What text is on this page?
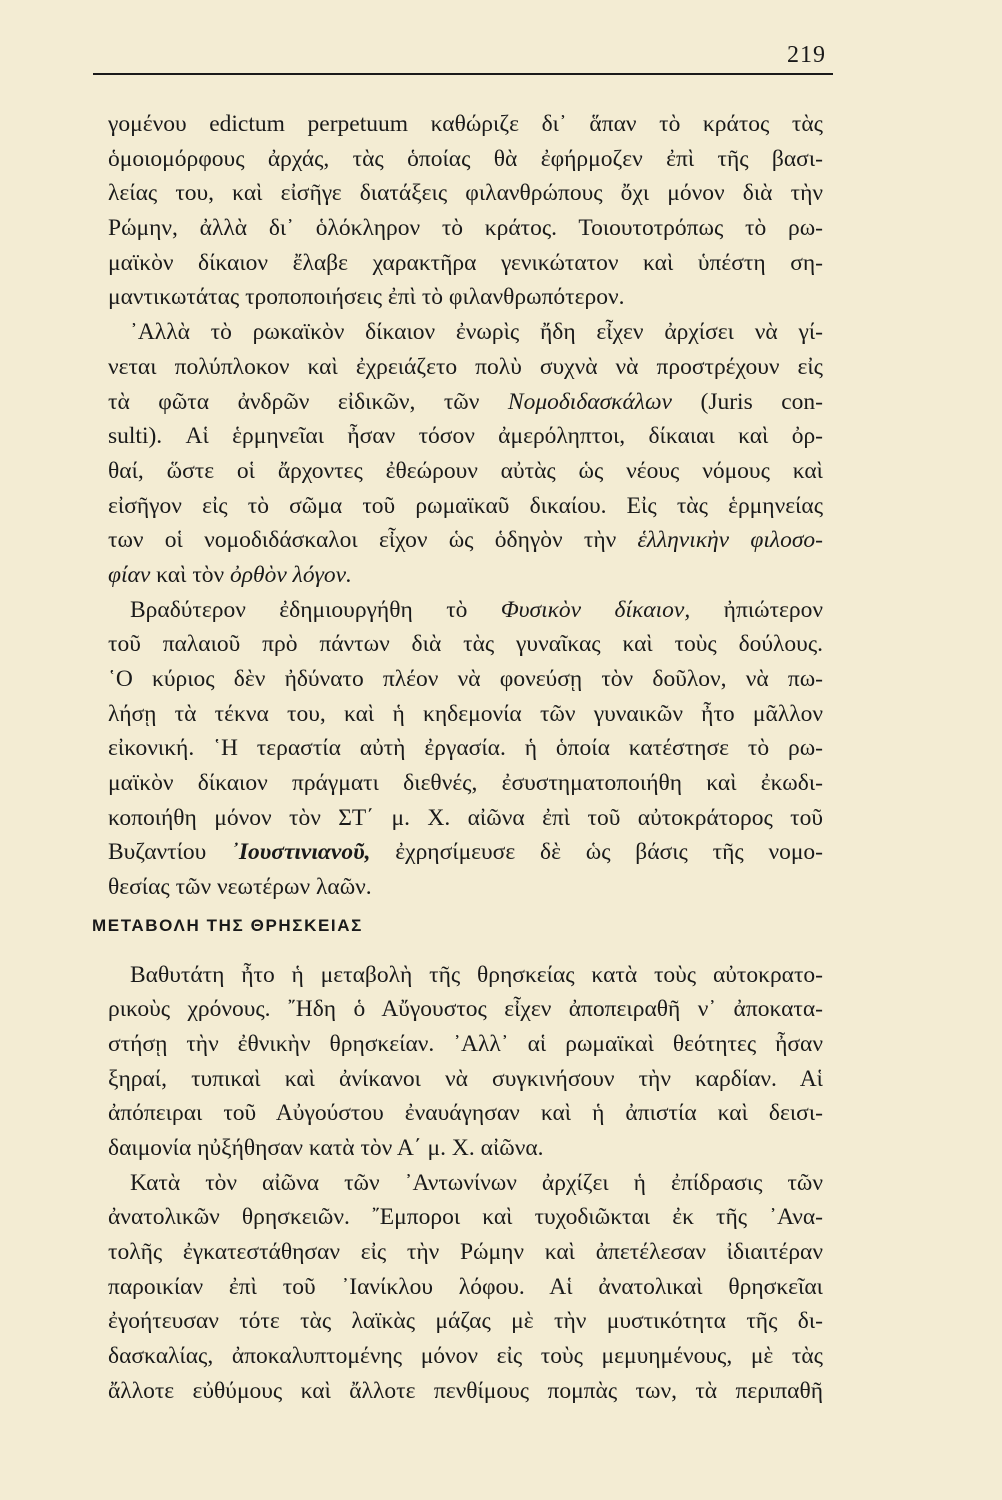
219
γομένου edictum perpetuum καθώριζε δι᾿ ἅπαν τὸ κράτος τὰς
ὁμοιομόρφους ἀρχάς, τὰς ὁποίας θὰ ἐφήρμοζεν ἐπὶ τῆς βασι-
λείας του, καὶ εἰσῆγε διατάξεις φιλανθρώπους ὄχι μόνον διὰ τὴν
Ρώμην, ἀλλὰ δι᾿ ὁλόκληρον τὸ κράτος. Τοιουτοτρόπως τὸ ρω-
μαϊκὸν δίκαιον ἔλαβε χαρακτῆρα γενικώτατον καὶ ὑπέστη ση-
μαντικωτάτας τροποποιήσεις ἐπὶ τὸ φιλανθρωπότερον.
᾿Αλλὰ τὸ ρωκαϊκὸν δίκαιον ἐνωρὶς ἤδη εἶχεν ἀρχίσει νὰ γί-
νεται πολύπλοκον καὶ ἐχρειάζετο πολὺ συχνὰ νὰ προστρέχουν εἰς
τὰ φῶτα ἀνδρῶν εἰδικῶν, τῶν Νομοδιδασκάλων (Juris con-
sulti). Αἱ ἑρμηνεῖαι ἦσαν τόσον ἀμερόληπτοι, δίκαιαι καὶ ὀρ-
θαί, ὥστε οἱ ἄρχοντες ἐθεώρουν αὐτὰς ὡς νέους νόμους καὶ
εἰσῆγον εἰς τὸ σῶμα τοῦ ρωμαϊκαῦ δικαίου. Εἰς τὰς ἑρμηνείας
των οἱ νομοδιδάσκαλοι εἶχον ὡς ὁδηγὸν τὴν ἑλληνικὴν φιλοσο-
φίαν καὶ τὸν ὀρθὸν λόγον.
Βραδύτερον ἐδημιουργήθη τὸ Φυσικὸν δίκαιον, ἠπιώτερον
τοῦ παλαιοῦ πρὸ πάντων διὰ τὰς γυναῖκας καὶ τοὺς δούλους.
῾Ο κύριος δὲν ἠδύνατο πλέον νὰ φονεύσῃ τὸν δοῦλον, νὰ πω-
λήσῃ τὰ τέκνα του, καὶ ἡ κηδεμονία τῶν γυναικῶν ἦτο μᾶλλον
εἰκονική. ῾Η τεραστία αὐτὴ ἐργασία. ἡ ὁποία κατέστησε τὸ ρω-
μαϊκὸν δίκαιον πράγματι διεθνές, ἐσυστηματοποιήθη καὶ ἐκωδι-
κοποιήθη μόνον τὸν ΣΤ΄ μ. Χ. αἰῶνα ἐπὶ τοῦ αὐτοκράτορος τοῦ
Βυζαντίου ᾿Ιουστινιανοῦ, ἐχρησίμευσε δὲ ὡς βάσις τῆς νομο-
θεσίας τῶν νεωτέρων λαῶν.
ΜΕΤΑΒΟΛΗ ΤΗΣ ΘΡΗΣΚΕΙΑΣ
Βαθυτάτη ἦτο ἡ μεταβολὴ τῆς θρησκείας κατὰ τοὺς αὐτοκρατο-
ρικοὺς χρόνους. ῎Ηδη ὁ Αὔγουστος εἶχεν ἀποπειραθῆ ν᾿ ἀποκατα-
στήσῃ τὴν ἐθνικὴν θρησκείαν. ᾿Αλλ᾿ αἱ ρωμαϊκαὶ θεότητες ἦσαν
ξηραί, τυπικαὶ καὶ ἀνίκανοι νὰ συγκινήσουν τὴν καρδίαν. Αἱ
ἀπόπειραι τοῦ Αὐγούστου ἐναυάγησαν καὶ ἡ ἀπιστία καὶ δεισι-
δαιμονία ηὐξήθησαν κατὰ τὸν Α΄ μ. Χ. αἰῶνα.
Κατὰ τὸν αἰῶνα τῶν ᾿Αντωνίνων ἀρχίζει ἡ ἐπίδρασις τῶν
ἀνατολικῶν θρησκειῶν. ῎Εμποροι καὶ τυχοδιῶκται ἐκ τῆς ᾿Ανα-
τολῆς ἐγκατεστάθησαν εἰς τὴν Ρώμην καὶ ἀπετέλεσαν ἰδιαιτέραν
παροικίαν ἐπὶ τοῦ ᾿Ιανίκλου λόφου. Αἱ ἀνατολικαὶ θρησκεῖαι
ἐγοήτευσαν τότε τὰς λαϊκὰς μάζας μὲ τὴν μυστικότητα τῆς δι-
δασκαλίας, ἀποκαλυπτομένης μόνον εἰς τοὺς μεμυημένους, μὲ τὰς
ἄλλοτε εὐθύμους καὶ ἄλλοτε πενθίμους πομπὰς των, τὰ περιπαθῆ
